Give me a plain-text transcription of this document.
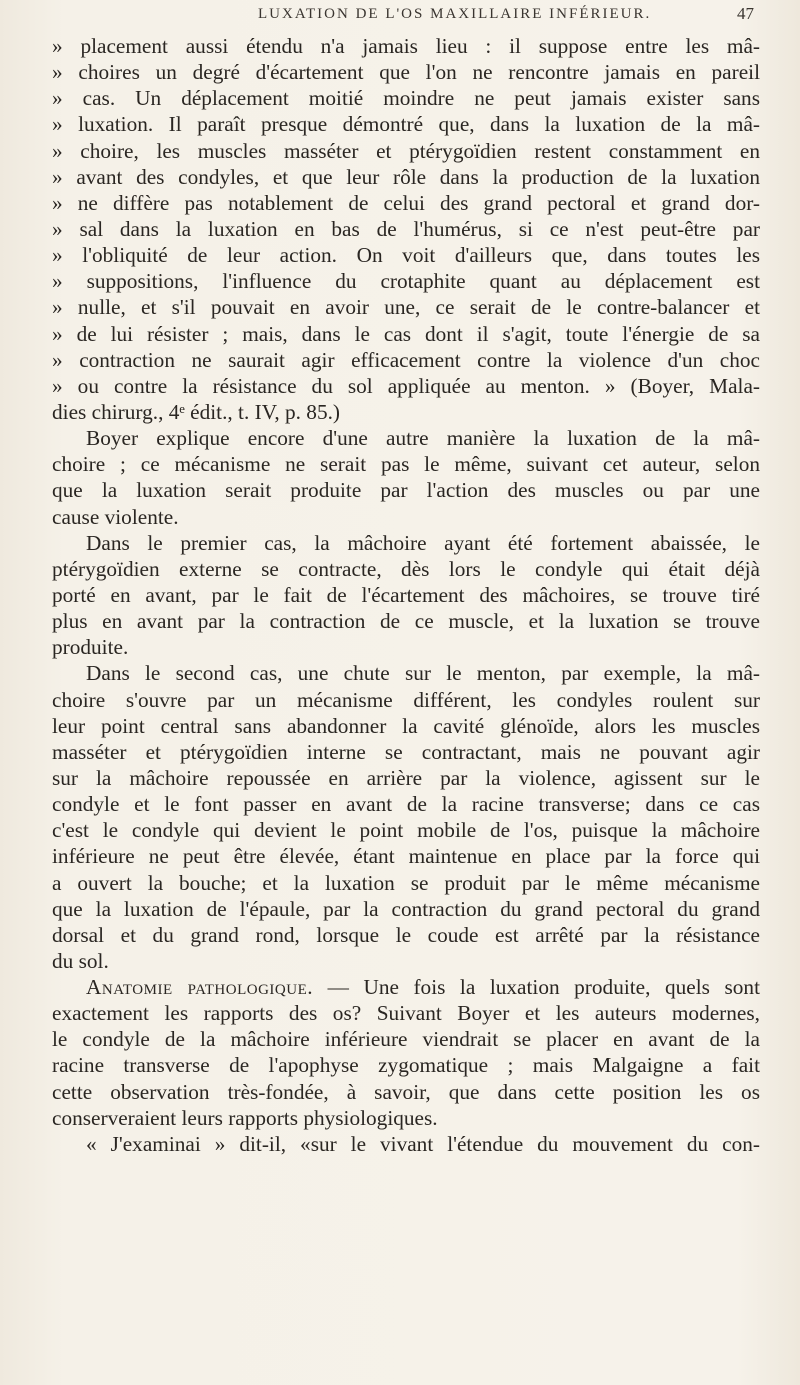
LUXATION DE L'OS MAXILLAIRE INFÉRIEUR.	47
» placement aussi étendu n'a jamais lieu : il suppose entre les mâ-
» choires un degré d'écartement que l'on ne rencontre jamais en pareil
» cas. Un déplacement moitié moindre ne peut jamais exister sans
» luxation. Il paraît presque démontré que, dans la luxation de la mâ-
» choire, les muscles masséter et ptérygoïdien restent constamment en
» avant des condyles, et que leur rôle dans la production de la luxation
» ne diffère pas notablement de celui des grand pectoral et grand dor-
» sal dans la luxation en bas de l'humérus, si ce n'est peut-être par
» l'obliquité de leur action. On voit d'ailleurs que, dans toutes les
» suppositions, l'influence du crotaphite quant au déplacement est
» nulle, et s'il pouvait en avoir une, ce serait de le contre-balancer et
» de lui résister ; mais, dans le cas dont il s'agit, toute l'énergie de sa
» contraction ne saurait agir efficacement contre la violence d'un choc
» ou contre la résistance du sol appliquée au menton. » (Boyer, Mala-
dies chirurg., 4ᵉ édit., t. IV, p. 85.)
Boyer explique encore d'une autre manière la luxation de la mâ-
choire ; ce mécanisme ne serait pas le même, suivant cet auteur, selon
que la luxation serait produite par l'action des muscles ou par une
cause violente.
Dans le premier cas, la mâchoire ayant été fortement abaissée, le
ptérygoïdien externe se contracte, dès lors le condyle qui était déjà
porté en avant, par le fait de l'écartement des mâchoires, se trouve tiré
plus en avant par la contraction de ce muscle, et la luxation se trouve
produite.
Dans le second cas, une chute sur le menton, par exemple, la mâ-
choire s'ouvre par un mécanisme différent, les condyles roulent sur
leur point central sans abandonner la cavité glénoïde, alors les muscles
masséter et ptérygoïdien interne se contractant, mais ne pouvant agir
sur la mâchoire repoussée en arrière par la violence, agissent sur le
condyle et le font passer en avant de la racine transverse; dans ce cas
c'est le condyle qui devient le point mobile de l'os, puisque la mâchoire
inférieure ne peut être élevée, étant maintenue en place par la force qui
a ouvert la bouche; et la luxation se produit par le même mécanisme
que la luxation de l'épaule, par la contraction du grand pectoral du grand
dorsal et du grand rond, lorsque le coude est arrêté par la résistance
du sol.
Anatomie pathologique. — Une fois la luxation produite, quels sont
exactement les rapports des os? Suivant Boyer et les auteurs modernes,
le condyle de la mâchoire inférieure viendrait se placer en avant de la
racine transverse de l'apophyse zygomatique ; mais Malgaigne a fait
cette observation très-fondée, à savoir, que dans cette position les os
conserveraient leurs rapports physiologiques.
« J'examinai » dit-il, «sur le vivant l'étendue du mouvement du con-
